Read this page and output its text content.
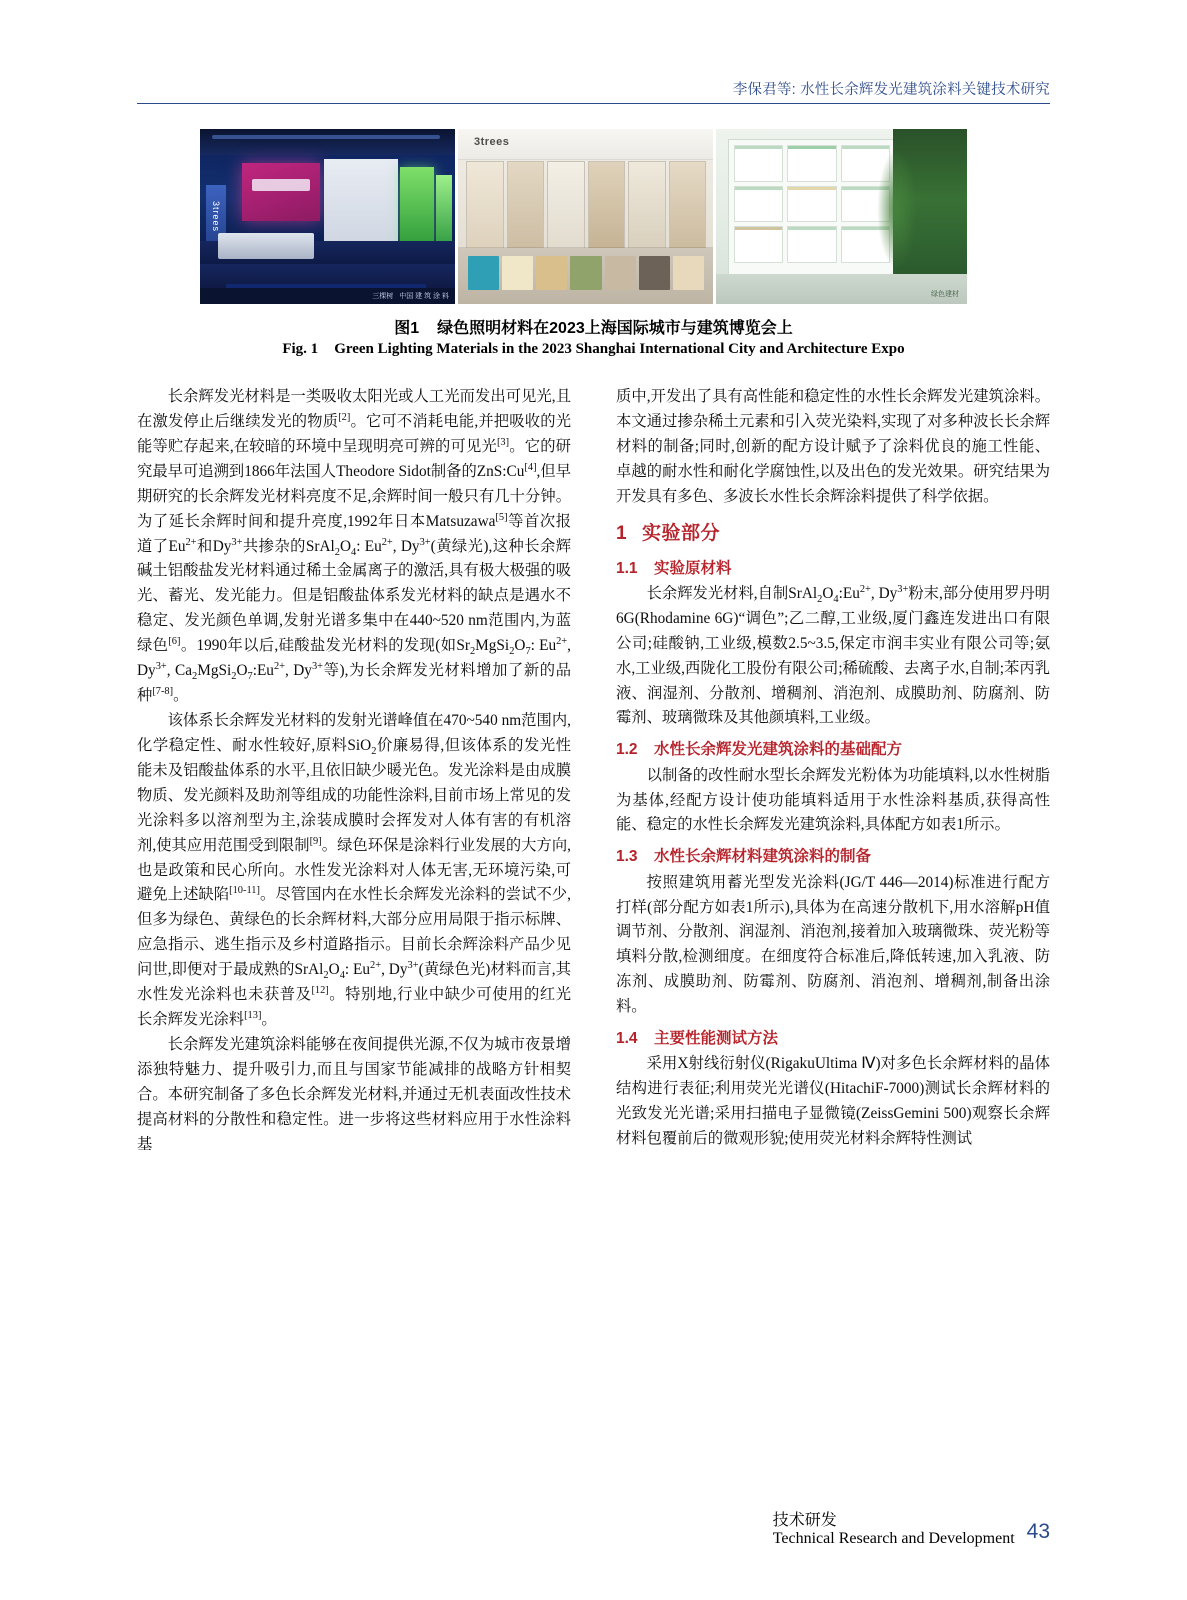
李保君等: 水性长余辉发光建筑涂料关键技术研究
3trees
三棵树 中国 建 筑 涂 料
3trees
绿色建材
图1 绿色照明材料在2023上海国际城市与建筑博览会上
Fig. 1 Green Lighting Materials in the 2023 Shanghai International City and Architecture Expo

长余辉发光材料是一类吸收太阳光或人工光而发出可见光,且在激发停止后继续发光的物质[2]。它可不消耗电能,并把吸收的光能等贮存起来,在较暗的环境中呈现明亮可辨的可见光[3]。它的研究最早可追溯到1866年法国人Theodore Sidot制备的ZnS:Cu[4],但早期研究的长余辉发光材料亮度不足,余辉时间一般只有几十分钟。为了延长余辉时间和提升亮度,1992年日本Matsuzawa[5]等首次报道了$Eu^{2+}$和$Dy^{3+}$共掺杂的$SrAl_2O_4$: $Eu^{2+}$, $Dy^{3+}$(黄绿光),这种长余辉碱土铝酸盐发光材料通过稀土金属离子的激活,具有极大极强的吸光、蓄光、发光能力。但是铝酸盐体系发光材料的缺点是遇水不稳定、发光颜色单调,发射光谱多集中在440~520 nm范围内,为蓝绿色[6]。1990年以后,硅酸盐发光材料的发现(如$Sr_2MgSi_2O_7$: $Eu^{2+}$, $Dy^{3+}$, $Ca_2MgSi_2O_7:Eu^{2+}$, $Dy^{3+}$等),为长余辉发光材料增加了新的品种[7-8]。

该体系长余辉发光材料的发射光谱峰值在470~540 nm范围内,化学稳定性、耐水性较好,原料SiO$_2$价廉易得,但该体系的发光性能未及铝酸盐体系的水平,且依旧缺少暖光色。发光涂料是由成膜物质、发光颜料及助剂等组成的功能性涂料,目前市场上常见的发光涂料多以溶剂型为主,涂装成膜时会挥发对人体有害的有机溶剂,使其应用范围受到限制[9]。绿色环保是涂料行业发展的大方向,也是政策和民心所向。水性发光涂料对人体无害,无环境污染,可避免上述缺陷[10-11]。尽管国内在水性长余辉发光涂料的尝试不少,但多为绿色、黄绿色的长余辉材料,大部分应用局限于指示标牌、应急指示、逃生指示及乡村道路指示。目前长余辉涂料产品少见问世,即便对于最成熟的$SrAl_2O_4$: $Eu^{2+}$, $Dy^{3+}$(黄绿色光)材料而言,其水性发光涂料也未获普及[12]。特别地,行业中缺少可使用的红光长余辉发光涂料[13]。

长余辉发光建筑涂料能够在夜间提供光源,不仅为城市夜景增添独特魅力、提升吸引力,而且与国家节能减排的战略方针相契合。本研究制备了多色长余辉发光材料,并通过无机表面改性技术提高材料的分散性和稳定性。进一步将这些材料应用于水性涂料基

质中,开发出了具有高性能和稳定性的水性长余辉发光建筑涂料。本文通过掺杂稀土元素和引入荧光染料,实现了对多种波长长余辉材料的制备;同时,创新的配方设计赋予了涂料优良的施工性能、卓越的耐水性和耐化学腐蚀性,以及出色的发光效果。研究结果为开发具有多色、多波长水性长余辉涂料提供了科学依据。

1 实验部分
1.1 实验原材料

长余辉发光材料,自制$SrAl_2O_4:Eu^{2+}$, $Dy^{3+}$粉末,部分使用罗丹明6G(Rhodamine 6G)“调色”;乙二醇,工业级,厦门鑫连发进出口有限公司;硅酸钠,工业级,模数2.5~3.5,保定市润丰实业有限公司等;氨水,工业级,西陇化工股份有限公司;稀硫酸、去离子水,自制;苯丙乳液、润湿剂、分散剂、增稠剂、消泡剂、成膜助剂、防腐剂、防霉剂、玻璃微珠及其他颜填料,工业级。

1.2 水性长余辉发光建筑涂料的基础配方

以制备的改性耐水型长余辉发光粉体为功能填料,以水性树脂为基体,经配方设计使功能填料适用于水性涂料基质,获得高性能、稳定的水性长余辉发光建筑涂料,具体配方如表1所示。

1.3 水性长余辉材料建筑涂料的制备

按照建筑用蓄光型发光涂料(JG/T 446—2014)标准进行配方打样(部分配方如表1所示),具体为在高速分散机下,用水溶解pH值调节剂、分散剂、润湿剂、消泡剂,接着加入玻璃微珠、荧光粉等填料分散,检测细度。在细度符合标准后,降低转速,加入乳液、防冻剂、成膜助剂、防霉剂、防腐剂、消泡剂、增稠剂,制备出涂料。

1.4 主要性能测试方法

采用X射线衍射仪(RigakuUltima Ⅳ)对多色长余辉材料的晶体结构进行表征;利用荧光光谱仪(HitachiF-7000)测试长余辉材料的光致发光光谱;采用扫描电子显微镜(ZeissGemini 500)观察长余辉材料包覆前后的微观形貌;使用荧光材料余辉特性测试

技术研发
Technical Research and Development 43
